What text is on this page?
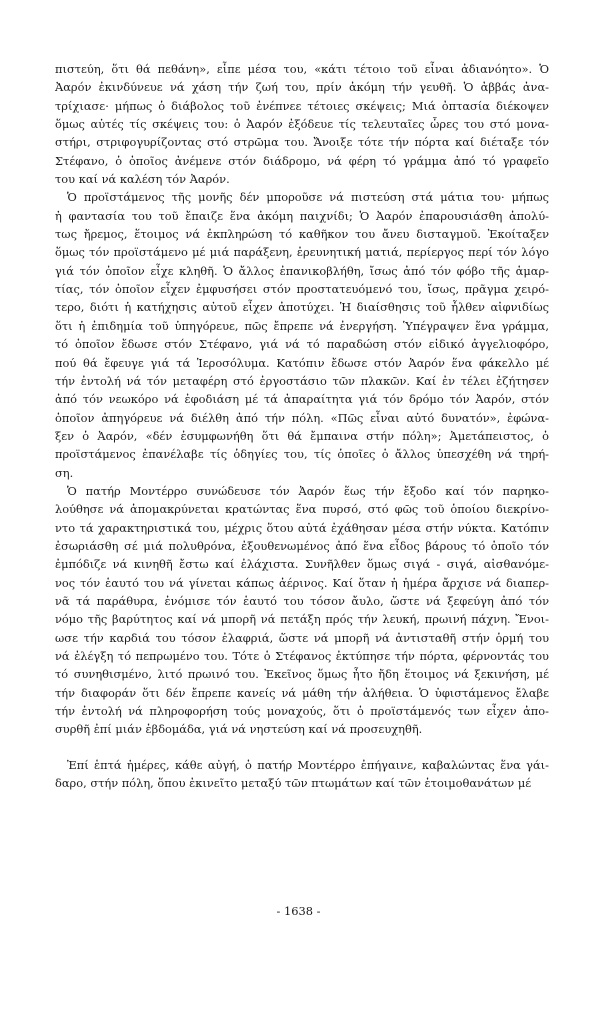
πιστεύη, ὅτι θά πεθάνη», εἶπε μέσα του, «κάτι τέτοιο τοῦ εἶναι ἀδιανόητο». Ὁ
Ἀαρόν ἐκινδύνευε νά χάση τήν ζωή του, πρίν ἀκόμη τήν γευθῆ. Ὁ ἀββάς ἀνα-
τρίχιασε· μήπως ὁ διάβολος τοῦ ἐνέπνεε τέτοιες σκέψεις; Μιά ὀπτασία διέκοψεν
ὅμως αὐτές τίς σκέψεις του: ὁ Ἀαρόν ἐξόδευε τίς τελευταῖες ὧρες του στό μονα-
στήρι, στριφογυρίζοντας στό στρῶμα του. Ἄνοιξε τότε τήν πόρτα καί διέταξε τόν
Στέφανο, ὁ ὁποῖος ἀνέμενε στόν διάδρομο, νά φέρη τό γράμμα ἀπό τό γραφεῖο
του καί νά καλέση τόν Ἀαρόν.
Ὁ προϊστάμενος τῆς μονῆς δέν μποροῦσε νά πιστεύση στά μάτια του· μήπως
ἡ φαντασία του τοῦ ἔπαιζε ἕνα ἀκόμη παιχνίδι; Ὁ Ἀαρόν ἐπαρουσιάσθη ἀπολύ-
τως ἤρεμος, ἕτοιμος νά ἐκπληρώση τό καθῆκον του ἄνευ δισταγμοῦ. Ἐκοίταξεν
ὅμως τόν προϊστάμενο μέ μιά παράξενη, ἐρευνητική ματιά, περίεργος περί τόν λόγο
γιά τόν ὁποῖον εἶχε κληθῆ. Ὁ ἄλλος ἐπανικοβλήθη, ἴσως ἀπό τόν φόβο τῆς ἁμαρ-
τίας, τόν ὁποῖον εἶχεν ἐμφυσήσει στόν προστατευόμενό του, ἴσως, πρᾶγμα χειρό-
τερο, διότι ἡ κατήχησις αὐτοῦ εἶχεν ἀποτύχει. Ἡ διαίσθησις τοῦ ἦλθεν αἰφνιδίως
ὅτι ἡ ἐπιδημία τοῦ ὑπηγόρευε, πῶς ἔπρεπε νά ἐνεργήση. Ὑπέγραψεν ἕνα γράμμα,
τό ὁποῖον ἔδωσε στόν Στέφανο, γιά νά τό παραδώση στόν εἰδικό ἀγγελιοφόρο,
πού θά ἔφευγε γιά τά Ἱεροσόλυμα. Κατόπιν ἔδωσε στόν Ἀαρόν ἕνα φάκελλο μέ
τήν ἐντολή νά τόν μεταφέρη στό ἐργοστάσιο τῶν πλακῶν. Καί ἐν τέλει ἐζήτησεν
ἀπό τόν νεωκόρο νά ἐφοδιάση μέ τά ἀπαραίτητα γιά τόν δρόμο τόν Ἀαρόν, στόν
ὁποῖον ἀπηγόρευε νά διέλθη ἀπό τήν πόλη. «Πῶς εἶναι αὐτό δυνατόν», ἐφώνα-
ξεν ὁ Ἀαρόν, «δέν ἐσυμφωνήθη ὅτι θά ἔμπαινα στήν πόλη»; Ἀμετάπειστος, ὁ
προϊστάμενος ἐπανέλαβε τίς ὁδηγίες του, τίς ὁποῖες ὁ ἄλλος ὑπεσχέθη νά τηρή-
ση.
Ὁ πατήρ Μοντέρρο συνώδευσε τόν Ἀαρόν ἕως τήν ἔξοδο καί τόν παρηκο-
λούθησε νά ἀπομακρύνεται κρατώντας ἕνα πυρσό, στό φῶς τοῦ ὁποίου διεκρίνο-
ντο τά χαρακτηριστικά του, μέχρις ὅτου αὐτά ἐχάθησαν μέσα στήν νύκτα. Κατόπιν
ἐσωριάσθη σέ μιά πολυθρόνα, ἐξουθενωμένος ἀπό ἕνα εἶδος βάρους τό ὁποῖο τόν
ἐμπόδιζε νά κινηθῆ ἔστω καί ἐλάχιστα. Συνῆλθεν ὅμως σιγά - σιγά, αἰσθανόμε-
νος τόν ἑαυτό του νά γίνεται κάπως ἀέρινος. Καί ὅταν ἡ ἡμέρα ἄρχισε νά διαπερ-
νᾶ τά παράθυρα, ἐνόμισε τόν ἑαυτό του τόσον ἄυλο, ὥστε νά ξεφεύγη ἀπό τόν
νόμο τῆς βαρύτητος καί νά μπορῆ νά πετάξη πρός τήν λευκή, πρωινή πάχνη. Ἔνοι-
ωσε τήν καρδιά του τόσον ἐλαφριά, ὥστε νά μπορῆ νά ἀντισταθῆ στήν ὁρμή του
νά ἐλέγξη τό πεπρωμένο του. Τότε ὁ Στέφανος ἐκτύπησε τήν πόρτα, φέρνοντάς του
τό συνηθισμένο, λιτό πρωινό του. Ἐκεῖνος ὅμως ἦτο ἤδη ἕτοιμος νά ξεκινήση, μέ
τήν διαφοράν ὅτι δέν ἔπρεπε κανείς νά μάθη τήν ἀλήθεια. Ὁ ὑφιστάμενος ἔλαβε
τήν ἐντολή νά πληροφορήση τούς μοναχούς, ὅτι ὁ προϊστάμενός των εἶχεν ἀπο-
συρθῆ ἐπί μιάν ἑβδομάδα, γιά νά νηστεύση καί νά προσευχηθῆ.
Ἐπί ἑπτά ἡμέρες, κάθε αὐγή, ὁ πατήρ Μοντέρρο ἐπήγαινε, καβαλώντας ἕνα γάι-
δαρο, στήν πόλη, ὅπου ἐκινεῖτο μεταξύ τῶν πτωμάτων καί τῶν ἑτοιμοθανάτων μέ
- 1638 -
